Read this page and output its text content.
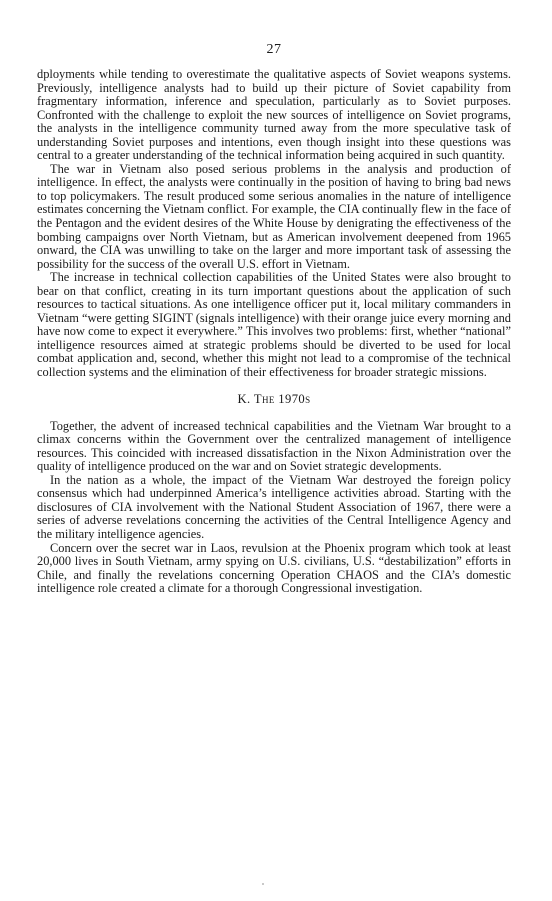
27

dployments while tending to overestimate the qualitative aspects of Soviet weapons systems. Previously, intelligence analysts had to build up their picture of Soviet capability from fragmentary information, inference and speculation, particularly as to Soviet purposes. Confronted with the challenge to exploit the new sources of intelligence on Soviet programs, the analysts in the intelligence community turned away from the more speculative task of understanding Soviet purposes and intentions, even though insight into these questions was central to a greater understanding of the technical information being acquired in such quantity.

The war in Vietnam also posed serious problems in the analysis and production of intelligence. In effect, the analysts were continually in the position of having to bring bad news to top policymakers. The result produced some serious anomalies in the nature of intelligence estimates concerning the Vietnam conflict. For example, the CIA continually flew in the face of the Pentagon and the evident desires of the White House by denigrating the effectiveness of the bombing campaigns over North Vietnam, but as American involvement deepened from 1965 onward, the CIA was unwilling to take on the larger and more important task of assessing the possibility for the success of the overall U.S. effort in Vietnam.

The increase in technical collection capabilities of the United States were also brought to bear on that conflict, creating in its turn important questions about the application of such resources to tactical situations. As one intelligence officer put it, local military commanders in Vietnam “were getting SIGINT (signals intelligence) with their orange juice every morning and have now come to expect it everywhere.” This involves two problems: first, whether “national” intelligence resources aimed at strategic problems should be diverted to be used for local combat application and, second, whether this might not lead to a compromise of the technical collection systems and the elimination of their effectiveness for broader strategic missions.

K. The 1970s

Together, the advent of increased technical capabilities and the Vietnam War brought to a climax concerns within the Government over the centralized management of intelligence resources. This coincided with increased dissatisfaction in the Nixon Administration over the quality of intelligence produced on the war and on Soviet strategic developments.

In the nation as a whole, the impact of the Vietnam War destroyed the foreign policy consensus which had underpinned America’s intelligence activities abroad. Starting with the disclosures of CIA involvement with the National Student Association of 1967, there were a series of adverse revelations concerning the activities of the Central Intelligence Agency and the military intelligence agencies.

Concern over the secret war in Laos, revulsion at the Phoenix program which took at least 20,000 lives in South Vietnam, army spying on U.S. civilians, U.S. “destabilization” efforts in Chile, and finally the revelations concerning Operation CHAOS and the CIA’s domestic intelligence role created a climate for a thorough Congressional investigation.
